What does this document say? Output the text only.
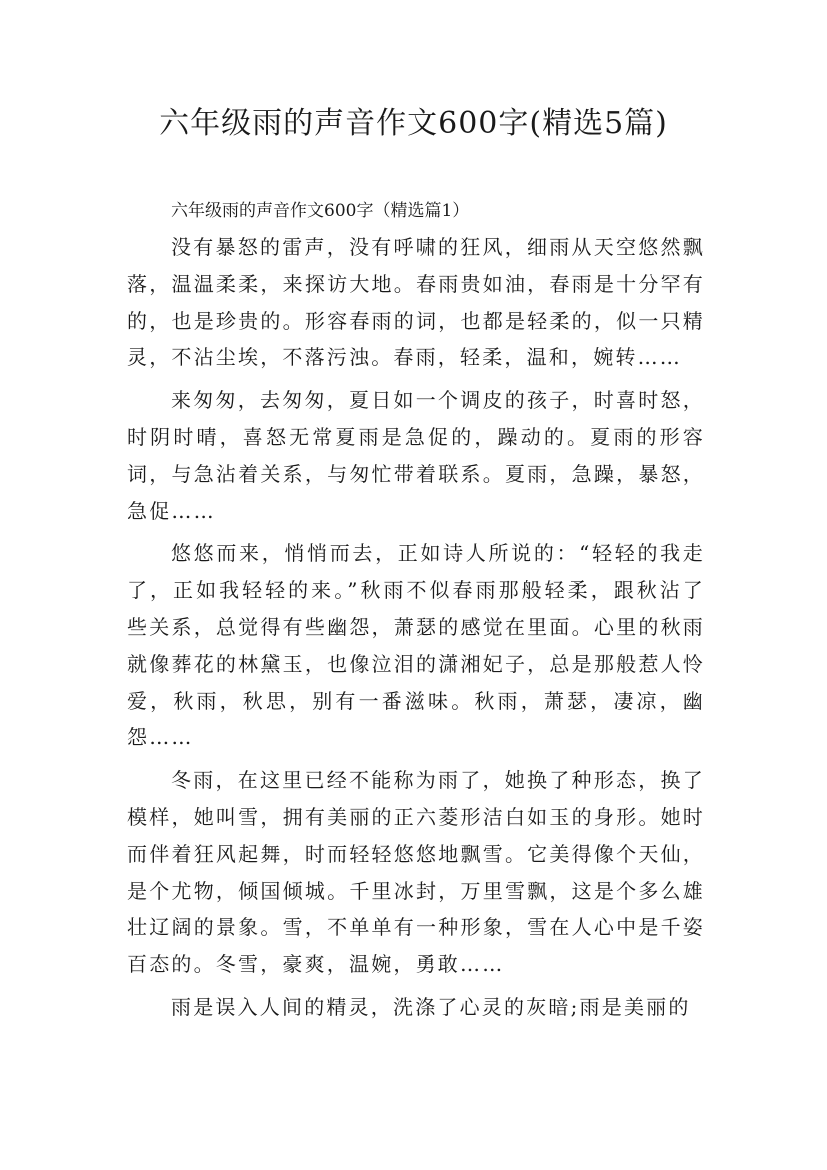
六年级雨的声音作文600字(精选5篇)
六年级雨的声音作文600字（精选篇1）

没有暴怒的雷声，没有呼啸的狂风，细雨从天空悠然飘落，温温柔柔，来探访大地。春雨贵如油，春雨是十分罕有的，也是珍贵的。形容春雨的词，也都是轻柔的，似一只精灵，不沾尘埃，不落污浊。春雨，轻柔，温和，婉转……

来匆匆，去匆匆，夏日如一个调皮的孩子，时喜时怒，时阴时晴，喜怒无常夏雨是急促的，躁动的。夏雨的形容词，与急沾着关系，与匆忙带着联系。夏雨，急躁，暴怒，急促……

悠悠而来，悄悄而去，正如诗人所说的：“轻轻的我走了，正如我轻轻的来。”秋雨不似春雨那般轻柔，跟秋沾了些关系，总觉得有些幽怨，萧瑟的感觉在里面。心里的秋雨就像葬花的林黛玉，也像泣泪的潇湘妃子，总是那般惹人怜爱，秋雨，秋思，别有一番滋味。秋雨，萧瑟，凄凉，幽怨……

冬雨，在这里已经不能称为雨了，她换了种形态，换了模样，她叫雪，拥有美丽的正六菱形洁白如玉的身形。她时而伴着狂风起舞，时而轻轻悠悠地飘雪。它美得像个天仙，是个尤物，倾国倾城。千里冰封，万里雪飘，这是个多么雄壮辽阔的景象。雪，不单单有一种形象，雪在人心中是千姿百态的。冬雪，豪爽，温婉，勇敢……

雨是误入人间的精灵，洗涤了心灵的灰暗;雨是美丽的
